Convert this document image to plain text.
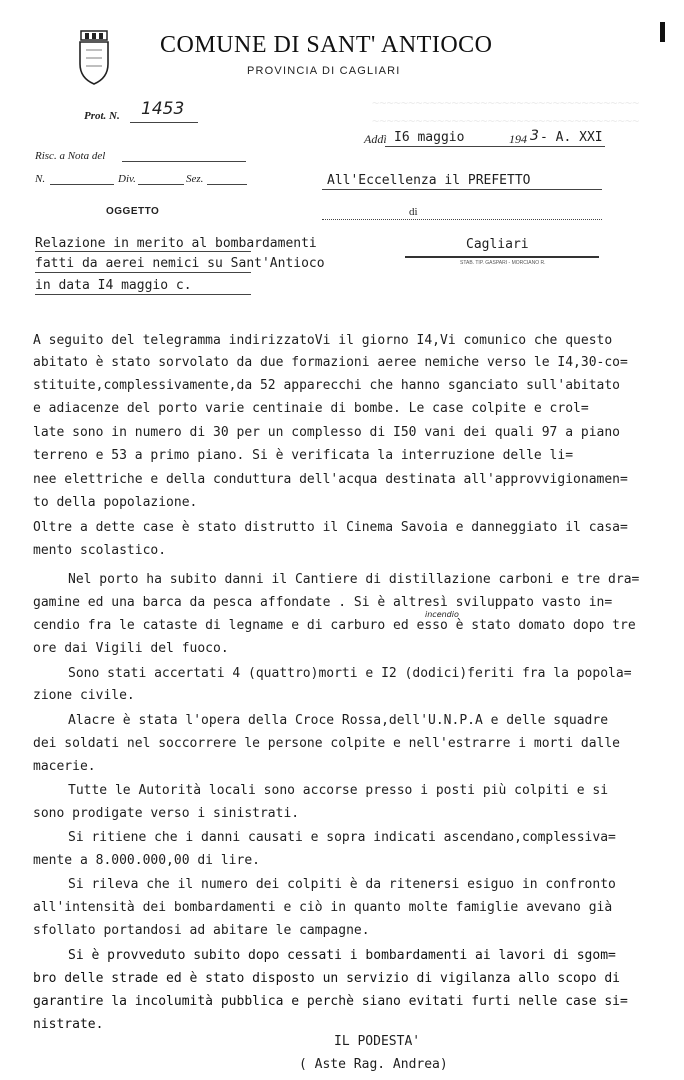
COMUNE DI SANT' ANTIOCO
PROVINCIA DI CAGLIARI
~~~~~~~~~~~~~~~~~~~~~~~~~~~~~~~~~~~~~
~~~~~~~~~~~~~~~~~~~~~~~~~~~~~~~~~~~~~
Prot. N. 1453
Addì I6 maggio	194 3 - A. XXI
Risc. a Nota del
N.	Div.	Sez.	All'Eccellenza il PREFETTO
OGGETTO	di
Relazione in merito al bombardamenti
fatti da aerei nemici su Sant'Antioco
in data I4 maggio c.
Cagliari
STAB. TIP. GASPARI - MORCIANO R.
A seguito del telegramma indirizzatoVi il giorno I4,Vi comunico che questo
abitato è stato sorvolato da due formazioni aeree nemiche verso le I4,30-co=
stituite,complessivamente,da 52 apparecchi che hanno sganciato sull'abitato
e adiacenze del porto varie centinaie di bombe. Le case colpite e crol=
late sono in numero di 30 per un complesso di I50 vani dei quali 97 a piano
terreno e 53 a primo piano. Si è verificata la interruzione delle li=
nee elettriche e della conduttura dell'acqua destinata all'approvvigionamen=
to della popolazione.
Oltre a dette case è stato distrutto il Cinema Savoia e danneggiato il casa=
mento scolastico.
Nel porto ha subito danni il Cantiere di distillazione carboni e tre dra=
gamine ed una barca da pesca affondate . Si è altresì sviluppato vasto in=
incendio
cendio fra le cataste di legname e di carburo ed esso è stato domato dopo tre
ore dai Vigili del fuoco.
Sono stati accertati 4 (quattro)morti e I2 (dodici)feriti fra la popola=
zione civile.
Alacre è stata l'opera della Croce Rossa,dell'U.N.P.A e delle squadre
dei soldati nel soccorrere le persone colpite e nell'estrarre i morti dalle
macerie.
Tutte le Autorità locali sono accorse presso i posti più colpiti e si
sono prodigate verso i sinistrati.
Si ritiene che i danni causati e sopra indicati ascendano,complessiva=
mente a 8.000.000,00 di lire.
Si rileva che il numero dei colpiti è da ritenersi esiguo in confronto
all'intensità dei bombardamenti e ciò in quanto molte famiglie avevano già
sfollato portandosi ad abitare le campagne.
Si è provveduto subito dopo cessati i bombardamenti ai lavori di sgom=
bro delle strade ed è stato disposto un servizio di vigilanza allo scopo di
garantire la incolumità pubblica e perchè siano evitati furti nelle case si=
nistrate.
IL PODESTA'
( Aste Rag. Andrea)
